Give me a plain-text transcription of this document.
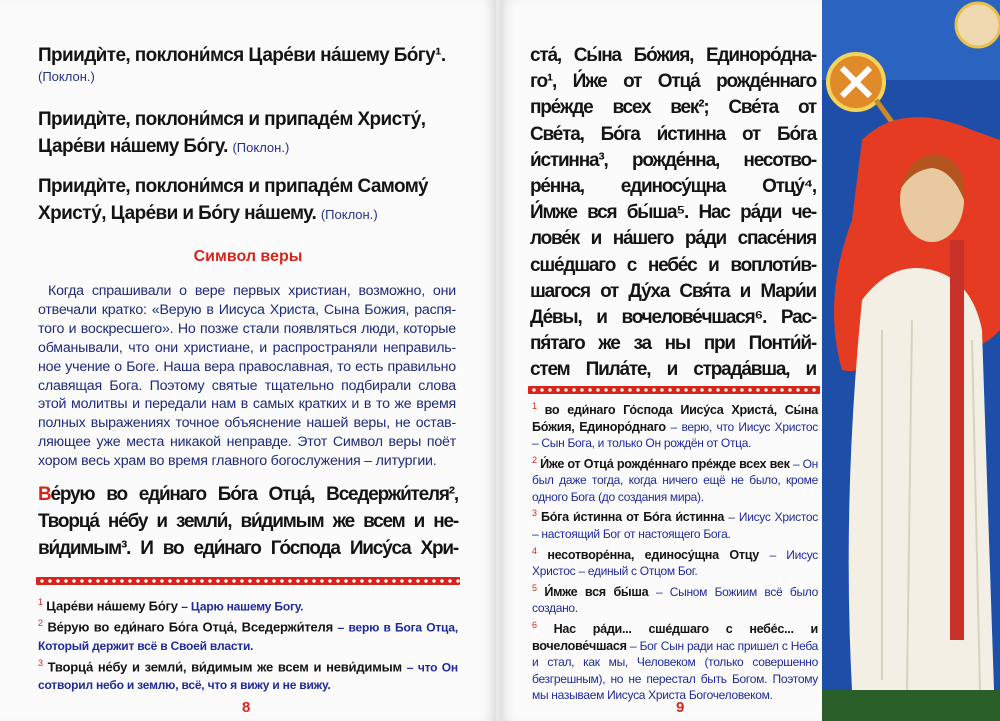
Приидѝте, поклони́мся Царе́ви на́шему Бо́гу¹.
(Поклон.)
Приидѝте, поклони́мся и припаде́м Христу́,
Царе́ви на́шему Бо́гу. (Поклон.)
Приидѝте, поклони́мся и припаде́м Самому́
Христу́, Царе́ви и Бо́гу на́шему. (Поклон.)
Символ веры
Когда спрашивали о вере первых христиан, возможно, они
отвечали кратко: «Верую в Иисуса Христа, Сына Божия, распя-
того и воскресшего». Но позже стали появляться люди, которые
обманывали, что они христиане, и распространяли неправиль-
ное учение о Боге. Наша вера православная, то есть правильно
славящая Бога. Поэтому святые тщательно подбирали слова
этой молитвы и передали нам в самых кратких и в то же время
полных выражениях точное объяснение нашей веры, не остав-
ляющее уже места никакой неправде. Этот Символ веры поёт
хором весь храм во время главного богослужения – литургии.
Ве́рую во еди́наго Бо́га Отца́, Вседержи́теля²,
Творца́ не́бу и земли́, ви́димым же всем и не-
ви́димым³. И во еди́наго Го́спода Иису́са Хри-
$^1$ Царе́ви на́шему Бо́гу – Царю нашему Богу.
$^2$ Ве́рую во еди́наго Бо́га Отца́, Вседержи́теля – верю в Бога Отца, Который держит всё в Своей власти.
$^3$ Творца́ не́бу и земли́, ви́димым же всем и неви́димым – что Он сотворил небо и землю, всё, что я вижу и не вижу.
8
ста́, Сы́на Бо́жия, Единоро́дна-
го¹, И́же от Отца́ рожде́ннаго
пре́жде всех век²; Све́та от
Све́та, Бо́га и́стинна от Бо́га
и́стинна³, рожде́нна, несотво-
ре́нна, единосу́щна Отцу́⁴,
И́мже вся бы́ша⁵. Нас ра́ди че-
лове́к и на́шего ра́ди спасе́ния
сше́дшаго с небе́с и воплоти́в-
шагося от Ду́ха Свя́та и Мари́и
Де́вы, и вочелове́чшася⁶. Рас-
пя́таго же за ны при Понти́й-
стем Пила́те, и страда́вша, и
$^1$ во еди́наго Го́спода Иису́са Христа́, Сы́на Бо́жия, Единоро́днаго – верю, что Иисус Христос – Сын Бога, и только Он рождён от Отца.
$^2$ И́же от Отца́ рожде́ннаго пре́жде всех век – Он был даже тогда, когда ничего ещё не было, кроме одного Бога (до создания мира).
$^3$ Бо́га и́стинна от Бо́га и́стинна – Иисус Христос – настоящий Бог от настоящего Бога.
$^4$ несотворе́нна, единосу́щна Отцу – Иисус Христос – единый с Отцом Бог.
$^5$ И́мже вся бы́ша – Сыном Божиим всё было создано.
$^6$ Нас ра́ди... сше́дшаго с небе́с... и вочелове́чшася – Бог Сын ради нас пришел с Неба и стал, как мы, Человеком (только совершенно безгрешным), но не перестал быть Богом. Поэтому мы называем Иисуса Христа Богочеловеком.
9
